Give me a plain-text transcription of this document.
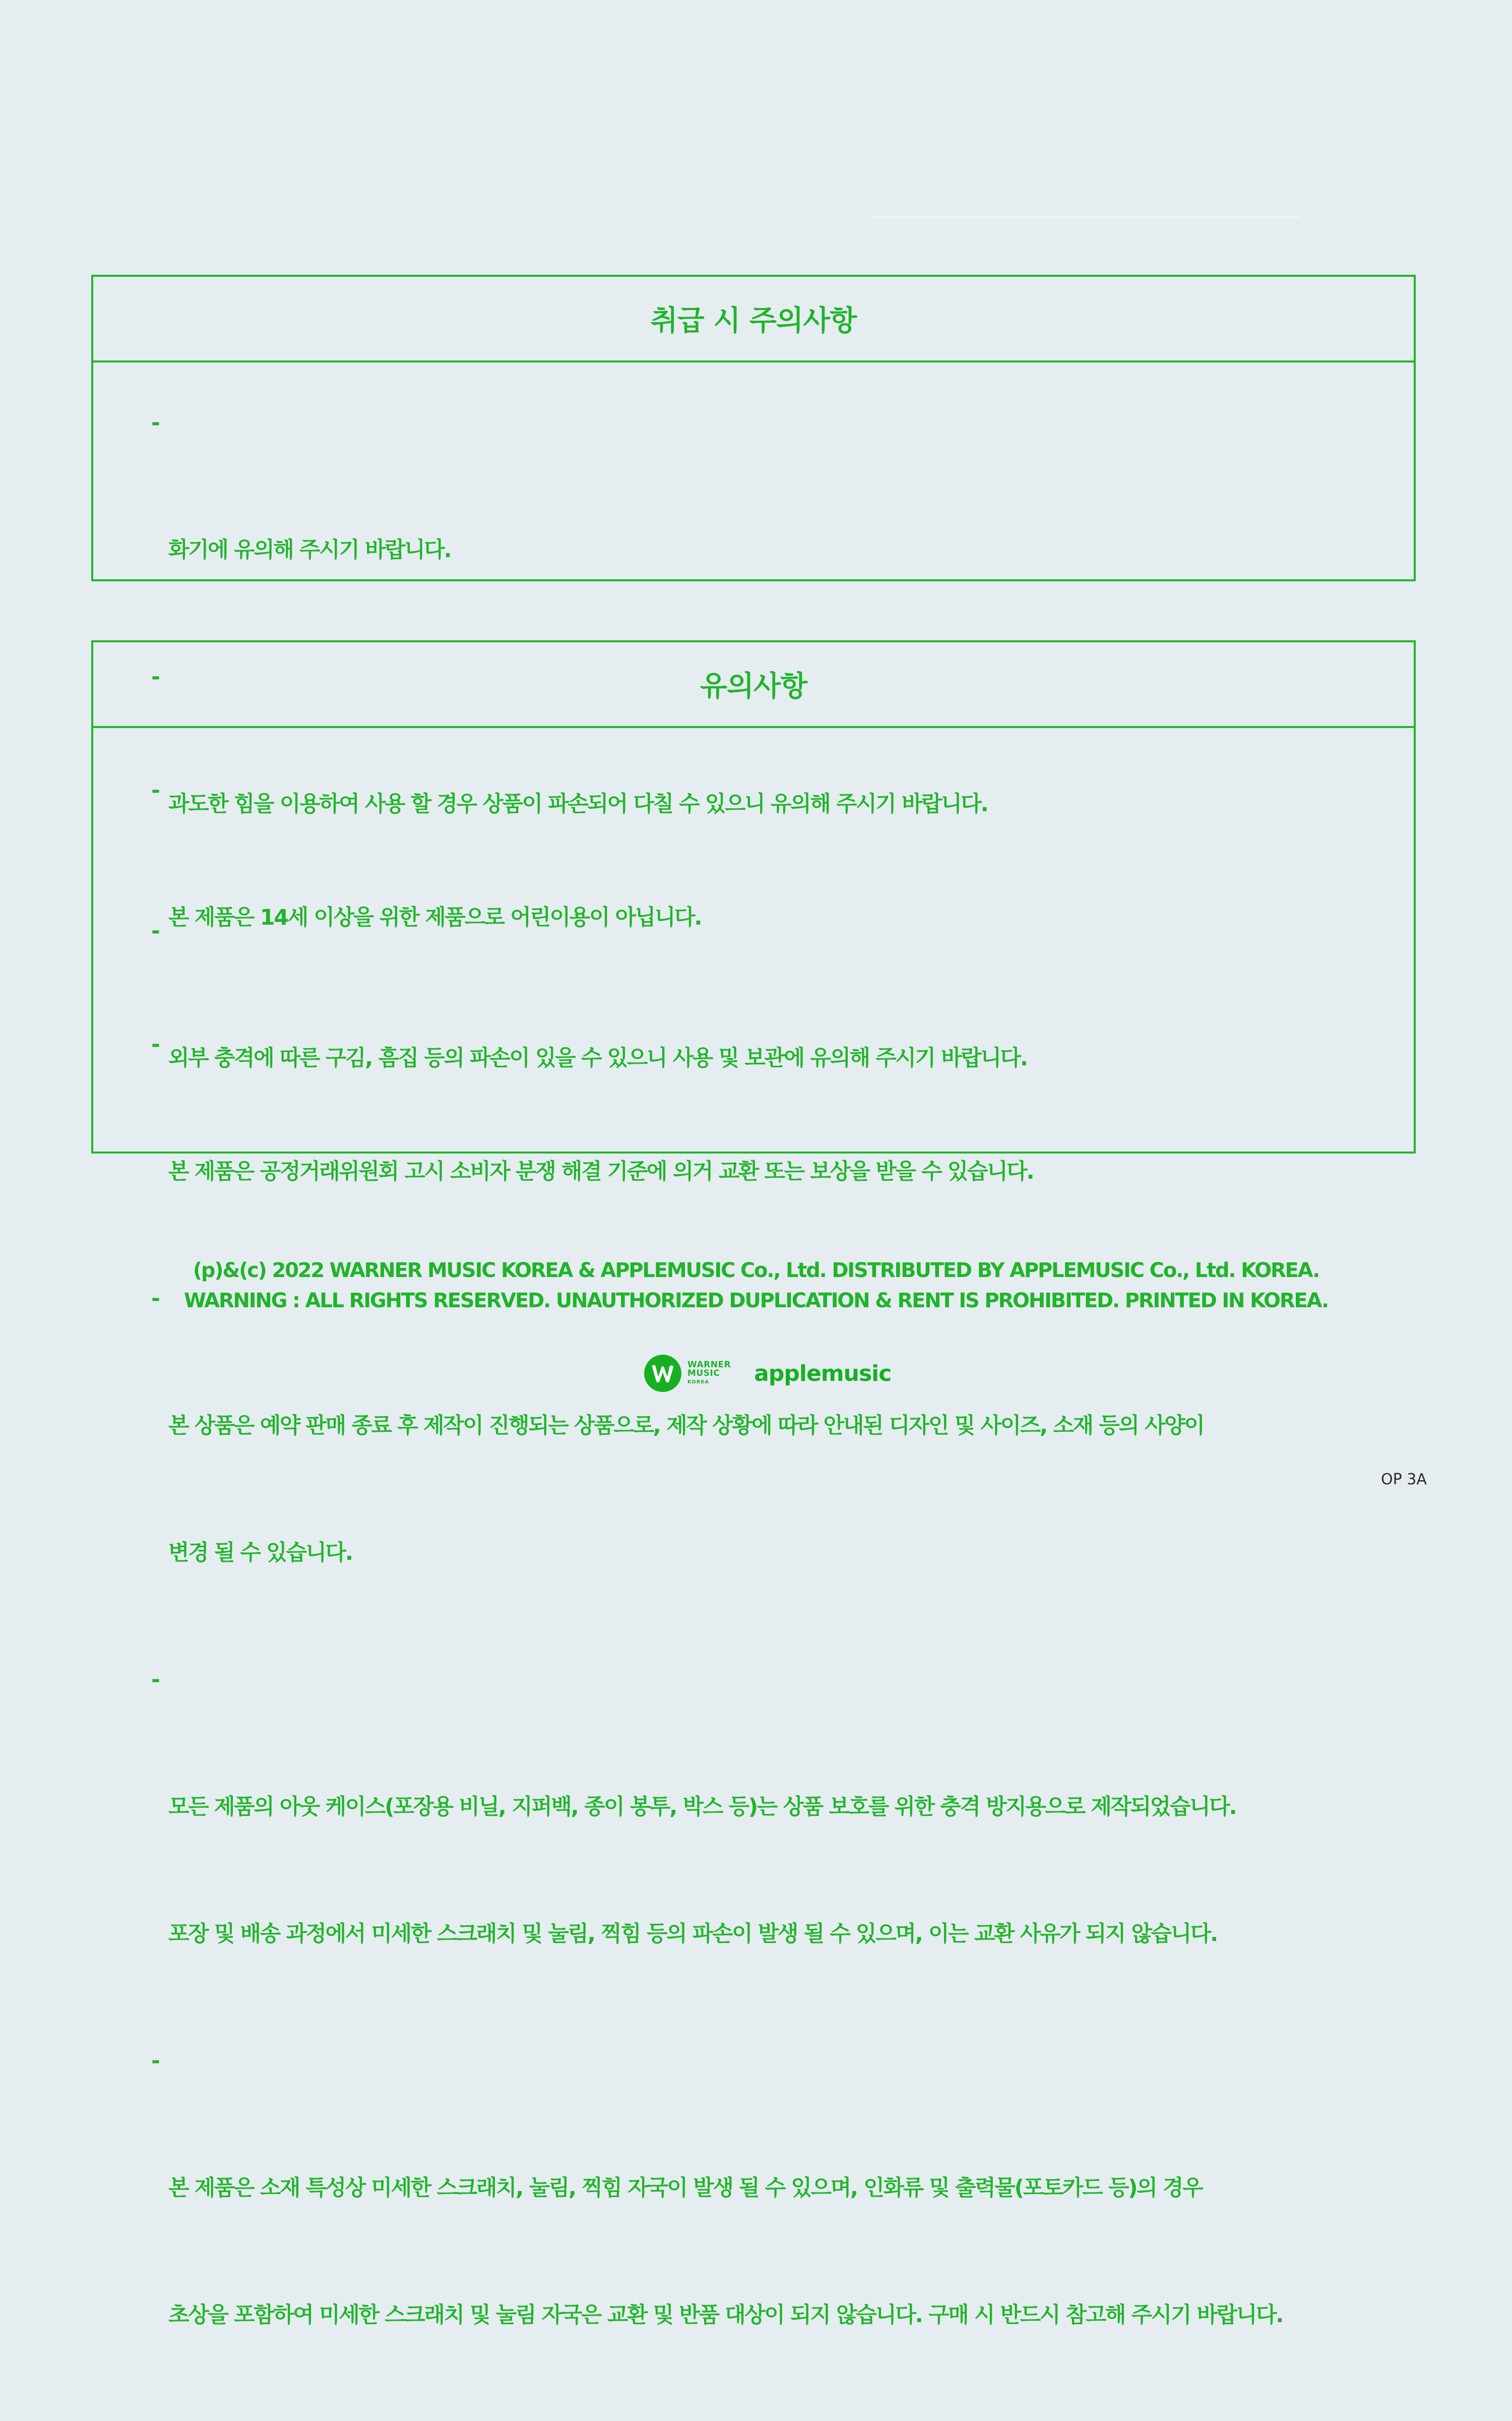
취급 시 주의사항

-

화기에 유의해 주시기 바랍니다.

-

과도한 힘을 이용하여 사용 할 경우 상품이 파손되어 다칠 수 있으니 유의해 주시기 바랍니다.

-

외부 충격에 따른 구김, 흠집 등의 파손이 있을 수 있으니 사용 및 보관에 유의해 주시기 바랍니다.

유의사항

-

본 제품은 14세 이상을 위한 제품으로 어린이용이 아닙니다.

-

본 제품은 공정거래위원회 고시 소비자 분쟁 해결 기준에 의거 교환 또는 보상을 받을 수 있습니다.

-

본 상품은 예약 판매 종료 후 제작이 진행되는 상품으로, 제작 상황에 따라 안내된 디자인 및 사이즈, 소재 등의 사양이

변경 될 수 있습니다.

-

모든 제품의 아웃 케이스(포장용 비닐, 지퍼백, 종이 봉투, 박스 등)는 상품 보호를 위한 충격 방지용으로 제작되었습니다.

포장 및 배송 과정에서 미세한 스크래치 및 눌림, 찍힘 등의 파손이 발생 될 수 있으며, 이는 교환 사유가 되지 않습니다.

-

본 제품은 소재 특성상 미세한 스크래치, 눌림, 찍힘 자국이 발생 될 수 있으며, 인화류 및 출력물(포토카드 등)의 경우

초상을 포함하여 미세한 스크래치 및 눌림 자국은 교환 및 반품 대상이 되지 않습니다. 구매 시 반드시 참고해 주시기 바랍니다.

(p)&(c) 2022 WARNER MUSIC KOREA & APPLEMUSIC Co., Ltd. DISTRIBUTED BY APPLEMUSIC Co., Ltd. KOREA.
WARNING : ALL RIGHTS RESERVED. UNAUTHORIZED DUPLICATION & RENT IS PROHIBITED. PRINTED IN KOREA.
WARNER
MUSIC
KOREA	applemusic
OP 3A
